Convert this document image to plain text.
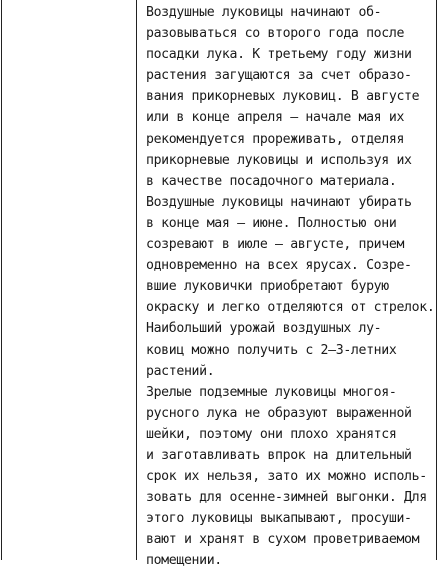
Воздушные луковицы начинают об-
разовываться со второго года после
посадки лука. К третьему году жизни
растения загущаются за счет образо-
вания прикорневых луковиц. В августе
или в конце апреля — начале мая их
рекомендуется прореживать, отделяя
прикорневые луковицы и используя их
в качестве посадочного материала.
Воздушные луковицы начинают убирать
в конце мая — июне. Полностью они
созревают в июле — августе, причем
одновременно на всех ярусах. Созре-
вшие луковички приобретают бурую
окраску и легко отделяются от стрелок.
Наибольший урожай воздушных лу-
ковиц можно получить с 2–3-летних
растений.
Зрелые подземные луковицы многоя-
русного лука не образуют выраженной
шейки, поэтому они плохо хранятся
и заготавливать впрок на длительный
срок их нельзя, зато их можно исполь-
зовать для осенне-зимней выгонки. Для
этого луковицы выкапывают, просуши-
вают и хранят в сухом проветриваемом
помещении.
